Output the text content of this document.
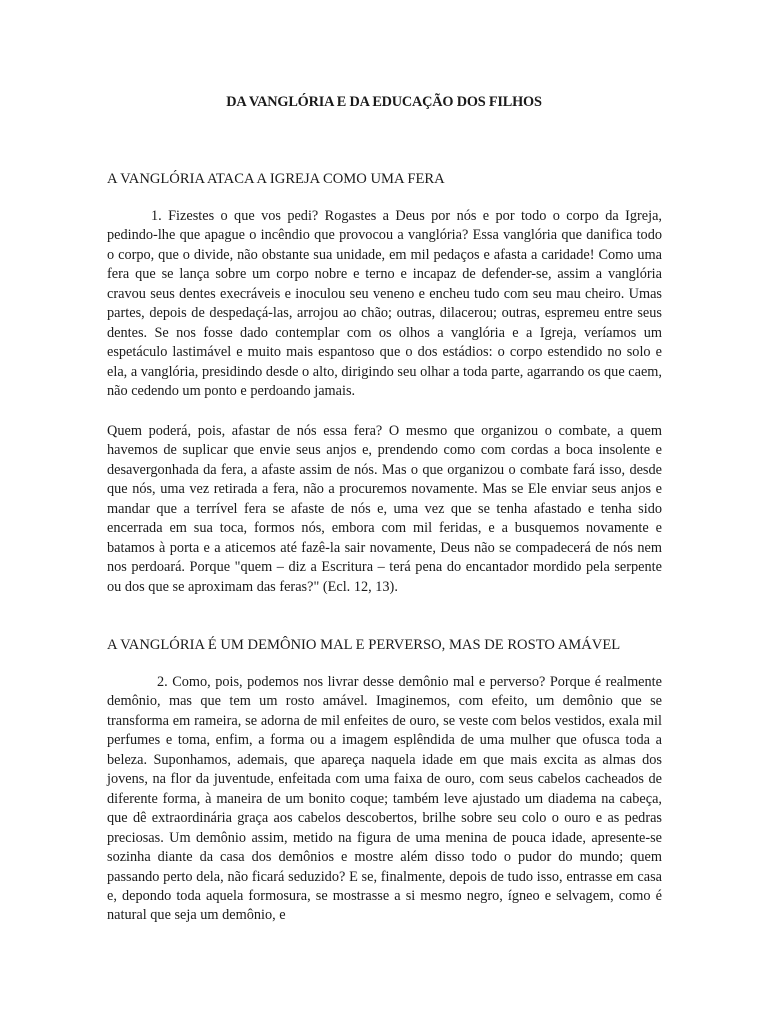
DA VANGLÓRIA E DA EDUCAÇÃO DOS FILHOS
A VANGLÓRIA ATACA A IGREJA COMO UMA FERA

1. Fizestes o que vos pedi? Rogastes a Deus por nós e por todo o corpo da Igreja, pedindo-lhe que apague o incêndio que provocou a vanglória? Essa vanglória que danifica todo o corpo, que o divide, não obstante sua unidade, em mil pedaços e afasta a caridade! Como uma fera que se lança sobre um corpo nobre e terno e incapaz de defender-se, assim a vanglória cravou seus dentes execráveis e inoculou seu veneno e encheu tudo com seu mau cheiro. Umas partes, depois de despedaçá-las, arrojou ao chão; outras, dilacerou; outras, espremeu entre seus dentes. Se nos fosse dado contemplar com os olhos a vanglória e a Igreja, veríamos um espetáculo lastimável e muito mais espantoso que o dos estádios: o corpo estendido no solo e ela, a vanglória, presidindo desde o alto, dirigindo seu olhar a toda parte, agarrando os que caem, não cedendo um ponto e perdoando jamais.

Quem poderá, pois, afastar de nós essa fera? O mesmo que organizou o combate, a quem havemos de suplicar que envie seus anjos e, prendendo como com cordas a boca insolente e desavergonhada da fera, a afaste assim de nós. Mas o que organizou o combate fará isso, desde que nós, uma vez retirada a fera, não a procuremos novamente. Mas se Ele enviar seus anjos e mandar que a terrível fera se afaste de nós e, uma vez que se tenha afastado e tenha sido encerrada em sua toca, formos nós, embora com mil feridas, e a busquemos novamente e batamos à porta e a aticemos até fazê-la sair novamente, Deus não se compadecerá de nós nem nos perdoará. Porque "quem – diz a Escritura – terá pena do encantador mordido pela serpente ou dos que se aproximam das feras?" (Ecl. 12, 13).

A VANGLÓRIA É UM DEMÔNIO MAL E PERVERSO, MAS DE ROSTO AMÁVEL

2. Como, pois, podemos nos livrar desse demônio mal e perverso? Porque é realmente demônio, mas que tem um rosto amável. Imaginemos, com efeito, um demônio que se transforma em rameira, se adorna de mil enfeites de ouro, se veste com belos vestidos, exala mil perfumes e toma, enfim, a forma ou a imagem esplêndida de uma mulher que ofusca toda a beleza. Suponhamos, ademais, que apareça naquela idade em que mais excita as almas dos jovens, na flor da juventude, enfeitada com uma faixa de ouro, com seus cabelos cacheados de diferente forma, à maneira de um bonito coque; também leve ajustado um diadema na cabeça, que dê extraordinária graça aos cabelos descobertos, brilhe sobre seu colo o ouro e as pedras preciosas. Um demônio assim, metido na figura de uma menina de pouca idade, apresente-se sozinha diante da casa dos demônios e mostre além disso todo o pudor do mundo; quem passando perto dela, não ficará seduzido? E se, finalmente, depois de tudo isso, entrasse em casa e, depondo toda aquela formosura, se mostrasse a si mesmo negro, ígneo e selvagem, como é natural que seja um demônio, e
